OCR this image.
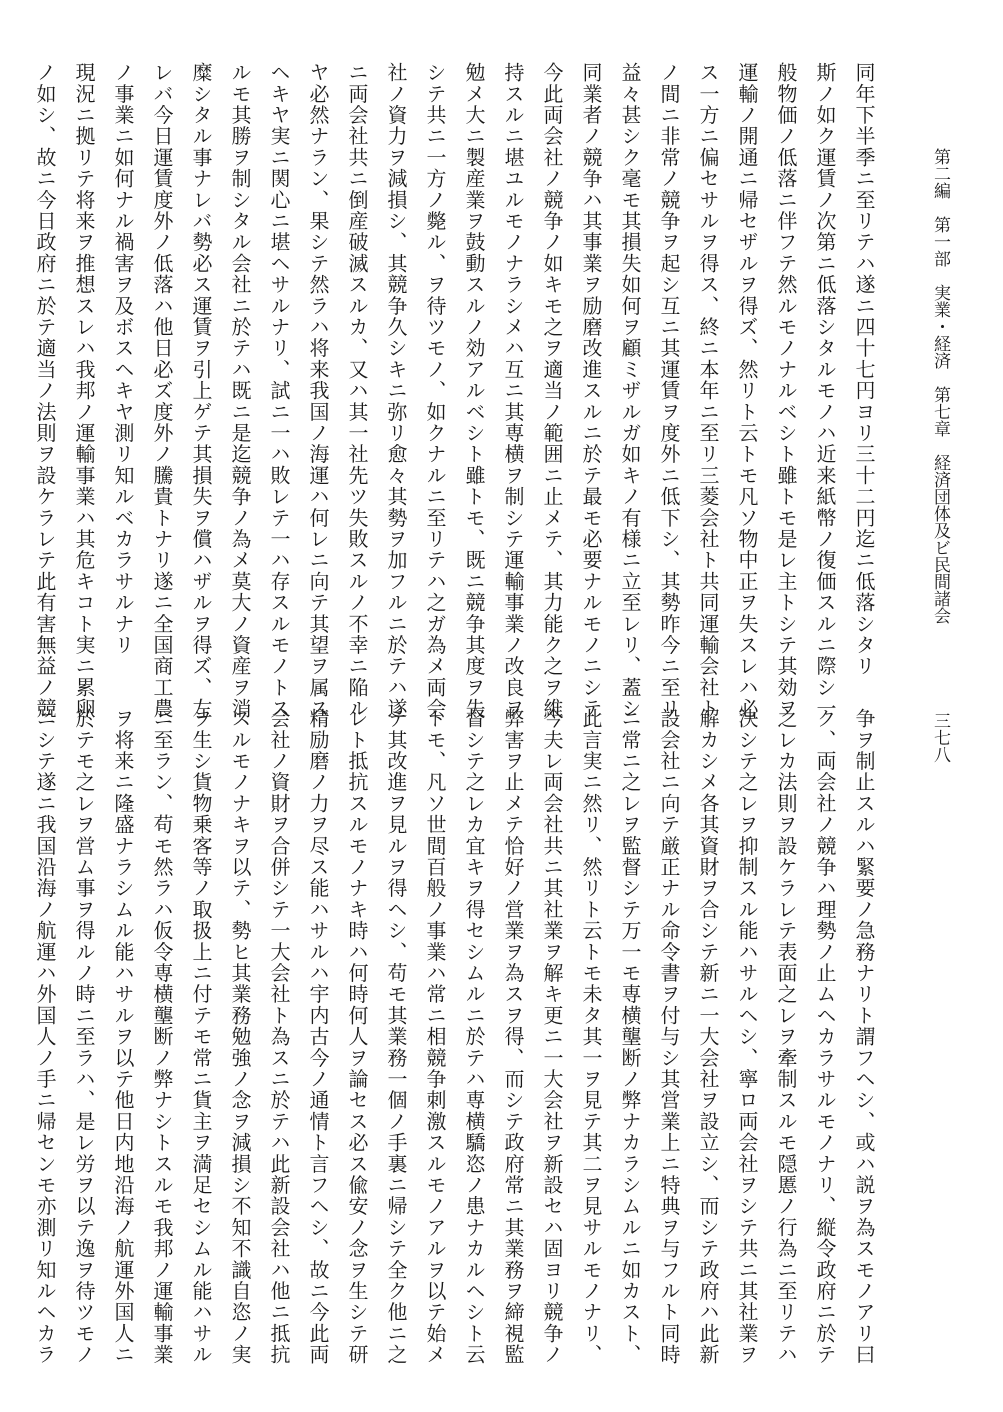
第二編　第一部　実業・経済　第七章　経済団体及ビ民間諸会
三七八
同年下半季ニ至リテハ遂ニ四十七円ヨリ三十二円迄ニ低落シタリ
斯ノ如ク運賃ノ次第ニ低落シタルモノハ近来紙幣ノ復価スルニ際シ一
般物価ノ低落ニ伴フテ然ルモノナルベシト雖トモ是レ主トシテ其効ヲ
運輸ノ開通ニ帰セザルヲ得ズ、然リト云トモ凡ソ物中正ヲ失スレハ必
ス一方ニ偏セサルヲ得ス、終ニ本年ニ至リ三菱会社ト共同運輸会社ト
ノ間ニ非常ノ競争ヲ起シ互ニ其運賃ヲ度外ニ低下シ、其勢昨今ニ至リ
益々甚シク毫モ其損失如何ヲ顧ミザルガ如キノ有様ニ立至レリ、蓋シ
同業者ノ競争ハ其事業ヲ励磨改進スルニ於テ最モ必要ナルモノニシテ
今此両会社ノ競争ノ如キモ之ヲ適当ノ範囲ニ止メテ、其力能ク之ヲ維
持スルニ堪ユルモノナラシメハ互ニ其専横ヲ制シテ運輸事業ノ改良ヲ
勉メ大ニ製産業ヲ鼓動スルノ効アルベシト雖トモ、既ニ競争其度ヲ失
シテ共ニ一方ノ斃ル、ヲ待ツモノ、如クナルニ至リテハ之ガ為メ両会
社ノ資力ヲ減損シ、其競争久シキニ弥リ愈々其勢ヲ加フルニ於テハ遂
ニ両会社共ニ倒産破滅スルカ、又ハ其一社先ツ失敗スルノ不幸ニ陥ル
ヤ必然ナラン、果シテ然ラハ将来我国ノ海運ハ何レニ向テ其望ヲ属ス
ヘキヤ実ニ関心ニ堪ヘサルナリ、試ニ一ハ敗レテ一ハ存スルモノトス
ルモ其勝ヲ制シタル会社ニ於テハ既ニ是迄競争ノ為メ莫大ノ資産ヲ消
糜シタル事ナレバ勢必ス運賃ヲ引上ゲテ其損失ヲ償ハザルヲ得ズ、左
レバ今日運賃度外ノ低落ハ他日必ズ度外ノ騰貴トナリ遂ニ全国商工農
ノ事業ニ如何ナル禍害ヲ及ボスヘキヤ測リ知ルベカラサルナリ
現況ニ拠リテ将来ヲ推想スレハ我邦ノ運輸事業ハ其危キコト実ニ累卵
ノ如シ、故ニ今日政府ニ於テ適当ノ法則ヲ設ケラレテ此有害無益ノ競
争ヲ制止スルハ緊要ノ急務ナリト謂フヘシ、或ハ説ヲ為スモノアリ曰
ク、両会社ノ競争ハ理勢ノ止ムヘカラサルモノナリ、縦令政府ニ於テ
之レカ法則ヲ設ケラレテ表面之レヲ牽制スルモ隠慝ノ行為ニ至リテハ
決シテ之レヲ抑制スル能ハサルヘシ、寧ロ両会社ヲシテ共ニ其社業ヲ
解カシメ各其資財ヲ合シテ新ニ一大会社ヲ設立シ、而シテ政府ハ此新
設会社ニ向テ厳正ナル命令書ヲ付与シ其営業上ニ特典ヲ与フルト同時
ニ常ニ之レヲ監督シテ万一モ専横壟断ノ弊ナカラシムルニ如カスト、
此言実ニ然リ、然リト云トモ未タ其一ヲ見テ其二ヲ見サルモノナリ、
今夫レ両会社共ニ其社業ヲ解キ更ニ一大会社ヲ新設セハ固ヨリ競争ノ
弊害ヲ止メテ恰好ノ営業ヲ為スヲ得、而シテ政府常ニ其業務ヲ締視監
督シテ之レカ宜キヲ得セシムルニ於テハ専横驕恣ノ患ナカルヘシト云
トモ、凡ソ世間百般ノ事業ハ常ニ相競争刺激スルモノアルヲ以テ始メ
テ其改進ヲ見ルヲ得ヘシ、苟モ其業務一個ノ手裏ニ帰シテ全ク他ニ之
レト抵抗スルモノナキ時ハ何時何人ヲ論セス必ス偸安ノ念ヲ生シテ研
精励磨ノ力ヲ尽ス能ハサルハ宇内古今ノ通情ト言フヘシ、故ニ今此両
会社ノ資財ヲ合併シテ一大会社ト為スニ於テハ此新設会社ハ他ニ抵抗
スルモノナキヲ以テ、勢ヒ其業務勉強ノ念ヲ減損シ不知不識自恣ノ実
ヲ生シ貨物乗客等ノ取扱上ニ付テモ常ニ貨主ヲ満足セシムル能ハサル
ニ至ラン、苟モ然ラハ仮令専横壟断ノ弊ナシトスルモ我邦ノ運輸事業
ヲ将来ニ隆盛ナラシムル能ハサルヲ以テ他日内地沿海ノ航運外国人ニ
於テモ之レヲ営ム事ヲ得ルノ時ニ至ラハ、是レ労ヲ以テ逸ヲ待ツモノ
ニシテ遂ニ我国沿海ノ航運ハ外国人ノ手ニ帰センモ亦測リ知ルヘカラ
